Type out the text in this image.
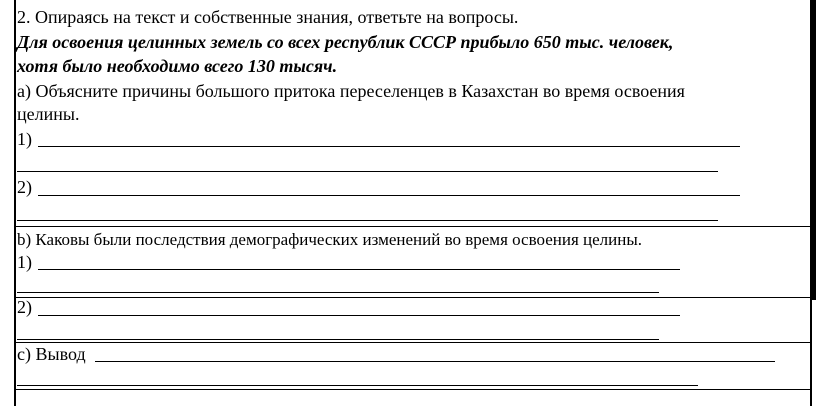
2. Опираясь на текст и собственные знания, ответьте на вопросы.
Для освоения целинных земель со всех республик СССР прибыло 650 тыс. человек,
хотя было необходимо всего 130 тысяч.
а) Объясните причины большого притока переселенцев в Казахстан во время освоения
целины.
1)
2)
b) Каковы были последствия демографических изменений во время освоения целины.
1)
2)
c) Вывод
